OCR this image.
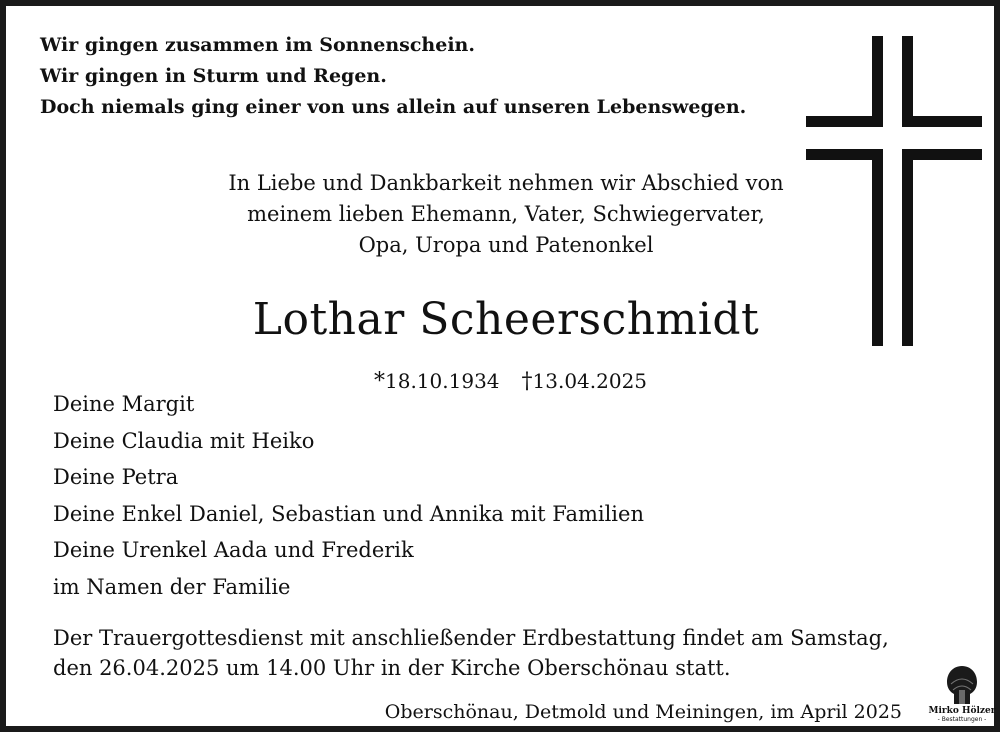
Wir gingen zusammen im Sonnenschein.
Wir gingen in Sturm und Regen.
Doch niemals ging einer von uns allein auf unseren Lebenswegen.
In Liebe und Dankbarkeit nehmen wir Abschied von
meinem lieben Ehemann, Vater, Schwiegervater,
Opa, Uropa und Patenonkel
Lothar Scheerschmidt
*18.10.1934 †13.04.2025
Deine Margit
Deine Claudia mit Heiko
Deine Petra
Deine Enkel Daniel, Sebastian und Annika mit Familien
Deine Urenkel Aada und Frederik
im Namen der Familie
Der Trauergottesdienst mit anschließender Erdbestattung findet am Samstag,
den 26.04.2025 um 14.00 Uhr in der Kirche Oberschönau statt.
Oberschönau, Detmold und Meiningen, im April 2025	Mirko Hölzer
- Bestattungen -
